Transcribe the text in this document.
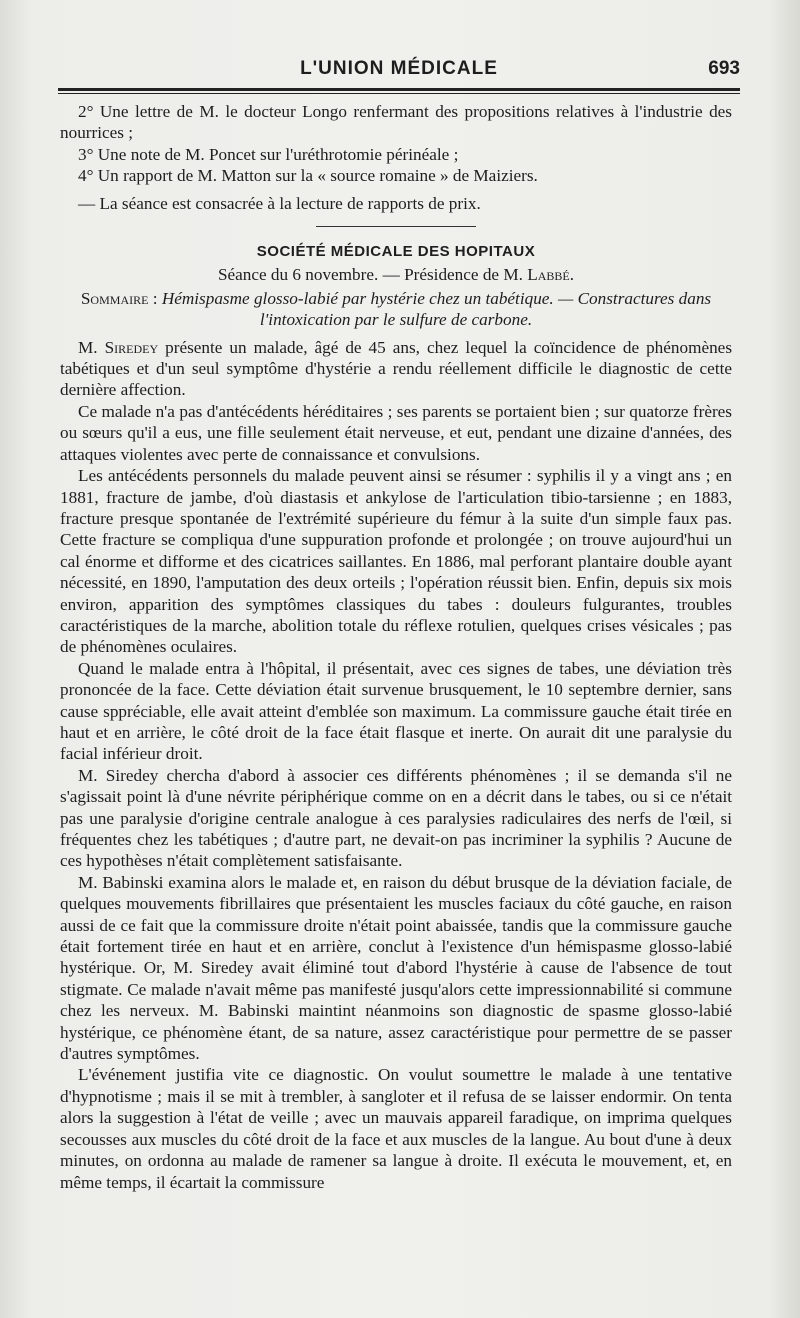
L'UNION MÉDICALE	693

2° Une lettre de M. le docteur Longo renfermant des propositions relatives à l'industrie des nourrices ;

3° Une note de M. Poncet sur l'uréthrotomie périnéale ;

4° Un rapport de M. Matton sur la « source romaine » de Maiziers.

— La séance est consacrée à la lecture de rapports de prix.

SOCIÉTÉ MÉDICALE DES HOPITAUX
Séance du 6 novembre. — Présidence de M. Labbé.
Sommaire : Hémispasme glosso-labié par hystérie chez un tabétique. — Constractures dans l'intoxication par le sulfure de carbone.

M. Siredey présente un malade, âgé de 45 ans, chez lequel la coïncidence de phénomènes tabétiques et d'un seul symptôme d'hystérie a rendu réellement difficile le diagnostic de cette dernière affection.

Ce malade n'a pas d'antécédents héréditaires ; ses parents se portaient bien ; sur quatorze frères ou sœurs qu'il a eus, une fille seulement était nerveuse, et eut, pendant une dizaine d'années, des attaques violentes avec perte de connaissance et convulsions.

Les antécédents personnels du malade peuvent ainsi se résumer : syphilis il y a vingt ans ; en 1881, fracture de jambe, d'où diastasis et ankylose de l'articulation tibio-tarsienne ; en 1883, fracture presque spontanée de l'extrémité supérieure du fémur à la suite d'un simple faux pas. Cette fracture se compliqua d'une suppuration profonde et prolongée ; on trouve aujourd'hui un cal énorme et difforme et des cicatrices saillantes. En 1886, mal perforant plantaire double ayant nécessité, en 1890, l'amputation des deux orteils ; l'opération réussit bien. Enfin, depuis six mois environ, apparition des symptômes classiques du tabes : douleurs fulgurantes, troubles caractéristiques de la marche, abolition totale du réflexe rotulien, quelques crises vésicales ; pas de phénomènes oculaires.

Quand le malade entra à l'hôpital, il présentait, avec ces signes de tabes, une déviation très prononcée de la face. Cette déviation était survenue brusquement, le 10 septembre dernier, sans cause sppréciable, elle avait atteint d'emblée son maximum. La commissure gauche était tirée en haut et en arrière, le côté droit de la face était flasque et inerte. On aurait dit une paralysie du facial inférieur droit.

M. Siredey chercha d'abord à associer ces différents phénomènes ; il se demanda s'il ne s'agissait point là d'une névrite périphérique comme on en a décrit dans le tabes, ou si ce n'était pas une paralysie d'origine centrale analogue à ces paralysies radiculaires des nerfs de l'œil, si fréquentes chez les tabétiques ; d'autre part, ne devait-on pas incriminer la syphilis ? Aucune de ces hypothèses n'était complètement satisfaisante.

M. Babinski examina alors le malade et, en raison du début brusque de la déviation faciale, de quelques mouvements fibrillaires que présentaient les muscles faciaux du côté gauche, en raison aussi de ce fait que la commissure droite n'était point abaissée, tandis que la commissure gauche était fortement tirée en haut et en arrière, conclut à l'existence d'un hémispasme glosso-labié hystérique. Or, M. Siredey avait éliminé tout d'abord l'hystérie à cause de l'absence de tout stigmate. Ce malade n'avait même pas manifesté jusqu'alors cette impressionnabilité si commune chez les nerveux. M. Babinski maintint néanmoins son diagnostic de spasme glosso-labié hystérique, ce phénomène étant, de sa nature, assez caractéristique pour permettre de se passer d'autres symptômes.

L'événement justifia vite ce diagnostic. On voulut soumettre le malade à une tentative d'hypnotisme ; mais il se mit à trembler, à sangloter et il refusa de se laisser endormir. On tenta alors la suggestion à l'état de veille ; avec un mauvais appareil faradique, on imprima quelques secousses aux muscles du côté droit de la face et aux muscles de la langue. Au bout d'une à deux minutes, on ordonna au malade de ramener sa langue à droite. Il exécuta le mouvement, et, en même temps, il écartait la commissure
